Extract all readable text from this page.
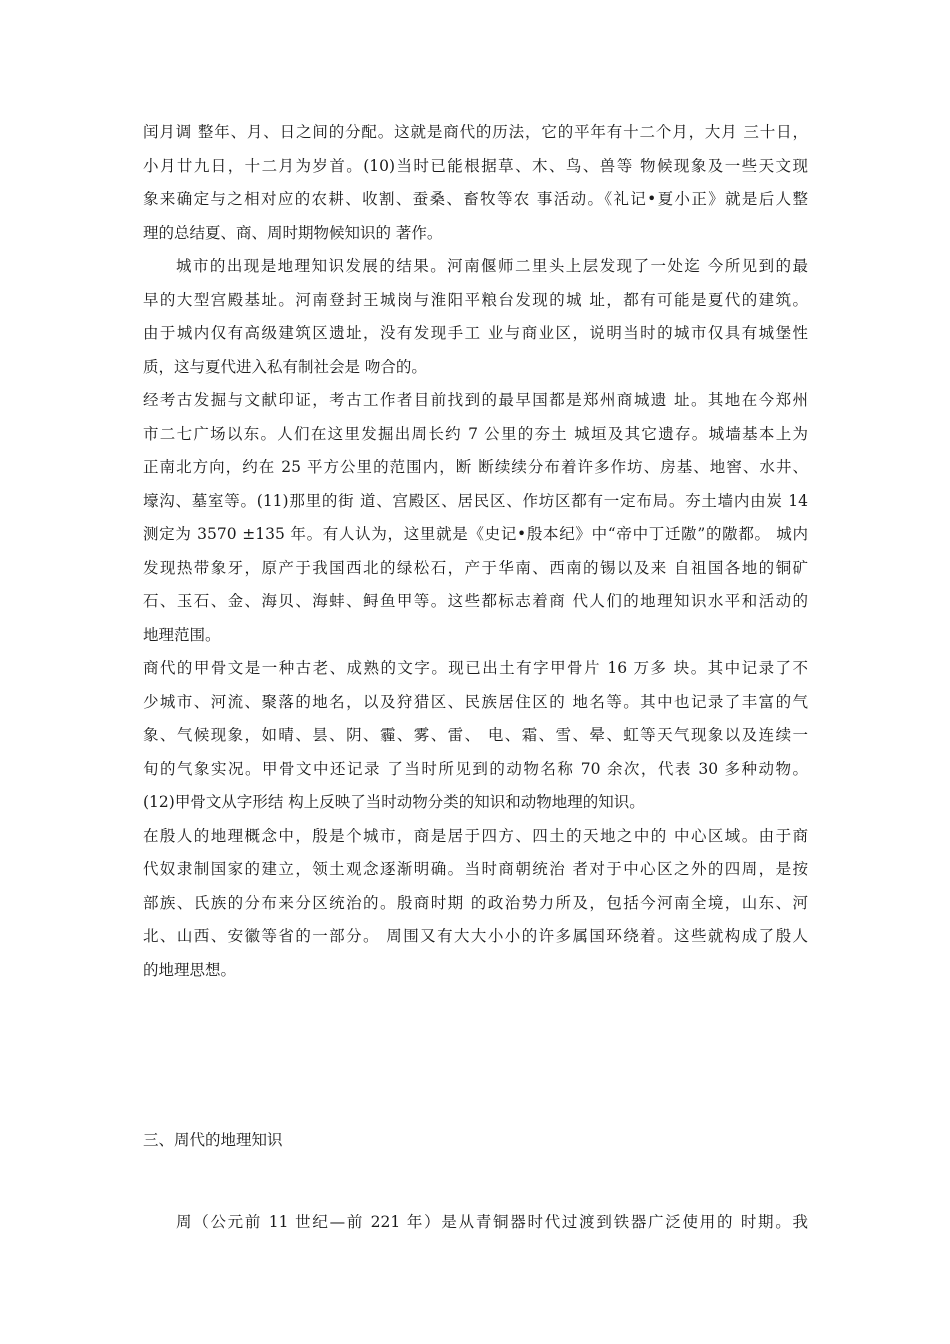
闰月调 整年、月、日之间的分配。这就是商代的历法，它的平年有十二个月，大月 三十日，
小月廿九日，十二月为岁首。(10)当时已能根据草、木、鸟、兽等 物候现象及一些天文现
象来确定与之相对应的农耕、收割、蚕桑、畜牧等农 事活动。《礼记•夏小正》就是后人整
理的总结夏、商、周时期物候知识的 著作。
城市的出现是地理知识发展的结果。河南偃师二里头上层发现了一处迄 今所见到的最
早的大型宫殿基址。河南登封王城岗与淮阳平粮台发现的城 址，都有可能是夏代的建筑。
由于城内仅有高级建筑区遗址，没有发现手工 业与商业区，说明当时的城市仅具有城堡性
质，这与夏代进入私有制社会是 吻合的。
经考古发掘与文献印证，考古工作者目前找到的最早国都是郑州商城遗 址。其地在今郑州
市二七广场以东。人们在这里发掘出周长约 7 公里的夯土 城垣及其它遗存。城墙基本上为
正南北方向，约在 25 平方公里的范围内，断 断续续分布着许多作坊、房基、地窖、水井、
壕沟、墓室等。(11)那里的街 道、宫殿区、居民区、作坊区都有一定布局。夯土墙内由炭 14
测定为 3570 ±135 年。有人认为，这里就是《史记•殷本纪》中“帝中丁迁隞”的隞都。 城内
发现热带象牙，原产于我国西北的绿松石，产于华南、西南的锡以及来 自祖国各地的铜矿
石、玉石、金、海贝、海蚌、鲟鱼甲等。这些都标志着商 代人们的地理知识水平和活动的
地理范围。
商代的甲骨文是一种古老、成熟的文字。现已出土有字甲骨片 16 万多 块。其中记录了不
少城市、河流、聚落的地名，以及狩猎区、民族居住区的 地名等。其中也记录了丰富的气
象、气候现象，如晴、昙、阴、霾、雾、雷、 电、霜、雪、晕、虹等天气现象以及连续一
旬的气象实况。甲骨文中还记录 了当时所见到的动物名称 70 余次，代表 30 多种动物。
(12)甲骨文从字形结 构上反映了当时动物分类的知识和动物地理的知识。
在殷人的地理概念中，殷是个城市，商是居于四方、四土的天地之中的 中心区域。由于商
代奴隶制国家的建立，领土观念逐渐明确。当时商朝统治 者对于中心区之外的四周，是按
部族、氏族的分布来分区统治的。殷商时期 的政治势力所及，包括今河南全境，山东、河
北、山西、安徽等省的一部分。 周围又有大大小小的许多属国环绕着。这些就构成了殷人
的地理思想。
三、周代的地理知识
周（公元前 11 世纪—前 221 年）是从青铜器时代过渡到铁器广泛使用的 时期。我
